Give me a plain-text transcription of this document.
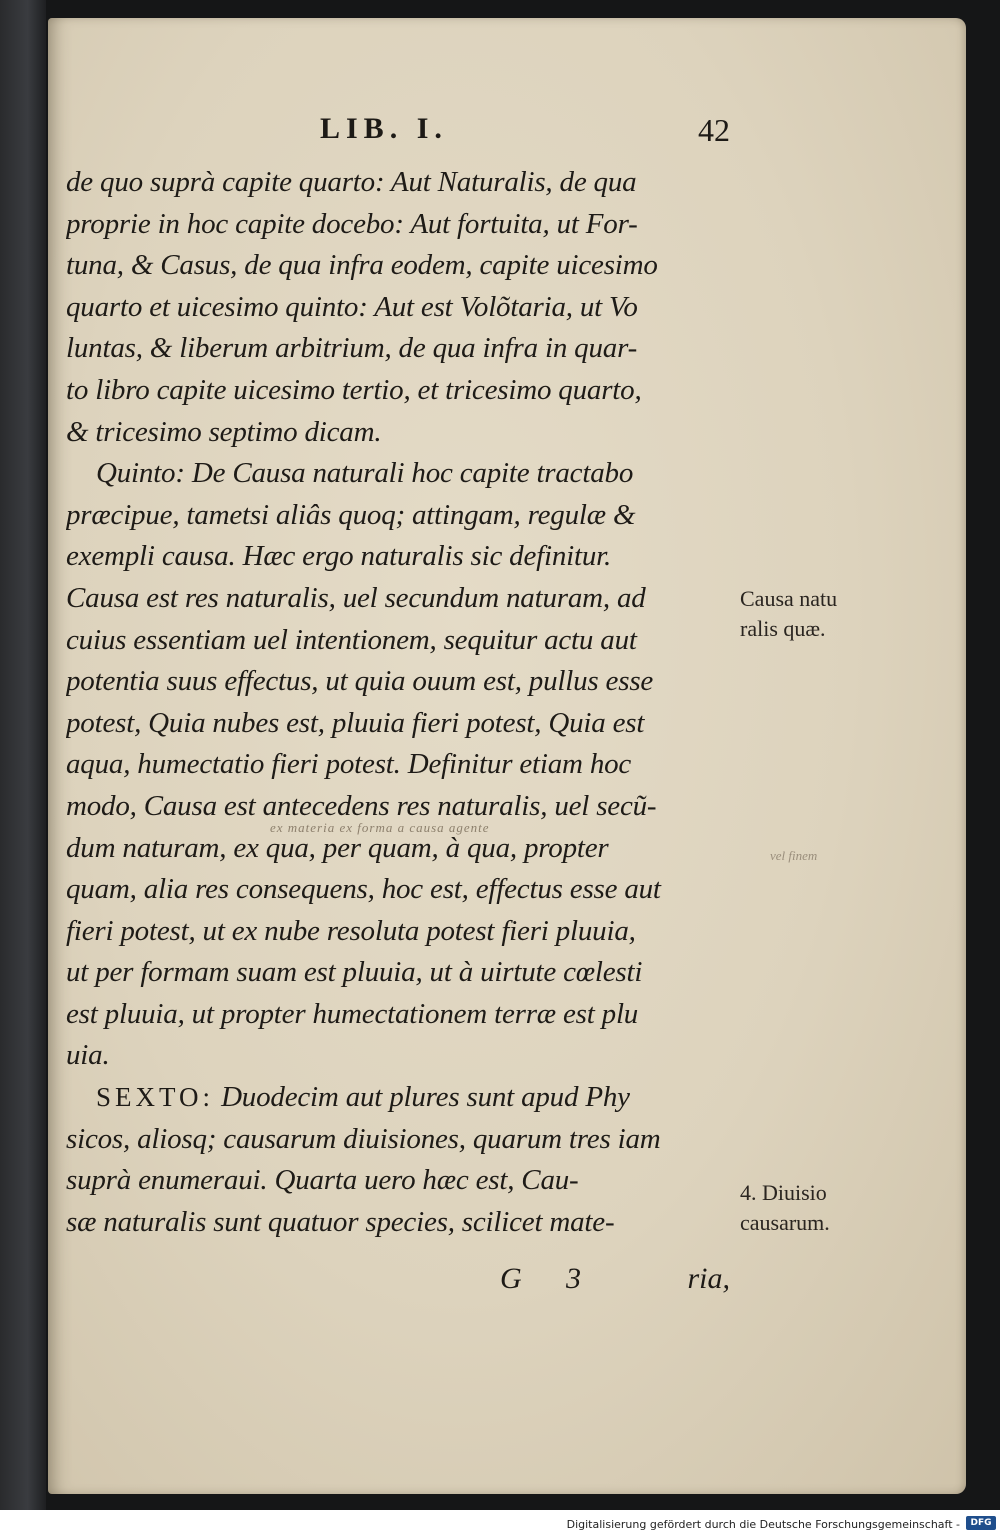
LIB. I.	42
de quo suprà capite quarto: Aut Naturalis, de qua
proprie in hoc capite docebo: Aut fortuita, ut For-
tuna, & Casus, de qua infra eodem, capite uicesimo
quarto et uicesimo quinto: Aut est Volõtaria, ut Vo
luntas, & liberum arbitrium, de qua infra in quar-
to libro capite uicesimo tertio, et tricesimo quarto,
& tricesimo septimo dicam.
Quinto: De Causa naturali hoc capite tractabo
præcipue, tametsi aliâs quoq; attingam, regulæ &
exempli causa. Hæc ergo naturalis sic definitur.
Causa est res naturalis, uel secundum naturam, ad
cuius essentiam uel intentionem, sequitur actu aut
potentia suus effectus, ut quia ouum est, pullus esse
potest, Quia nubes est, pluuia fieri potest, Quia est
aqua, humectatio fieri potest. Definitur etiam hoc
modo, Causa est antecedens res naturalis, uel secũ-
dum naturam, ex qua, per quam, à qua, propter
quam, alia res consequens, hoc est, effectus esse aut
fieri potest, ut ex nube resoluta potest fieri pluuia,
ut per formam suam est pluuia, ut à uirtute cœlesti
est pluuia, ut propter humectationem terræ est plu
uia.
SEXTO: Duodecim aut plures sunt apud Phy
sicos, aliosq; causarum diuisiones, quarum tres iam
suprà enumeraui. Quarta uero hæc est, Cau-
sæ naturalis sunt quatuor species, scilicet mate-
ex materia ex forma a causa agente
vel finem
Causa natu
ralis quæ.
4. Diuisio
causarum.
G 3	ria,
Digitalisierung gefördert durch die Deutsche Forschungsgemeinschaft -	DFG
